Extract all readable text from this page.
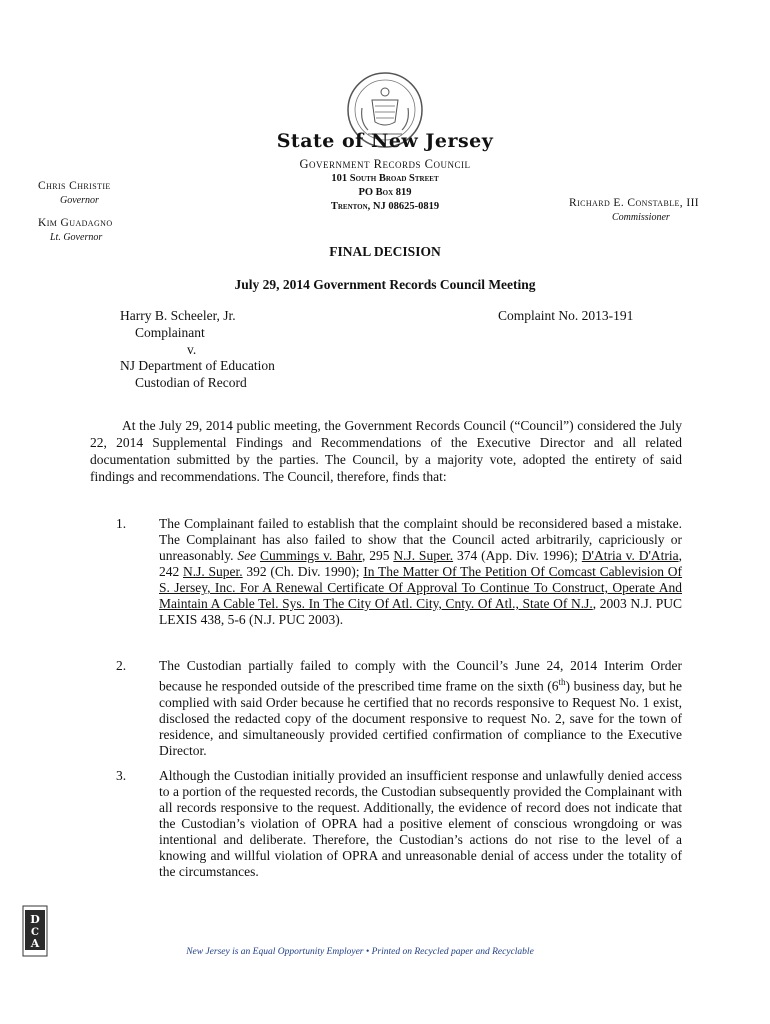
State of New Jersey
Government Records Council
101 South Broad Street
PO Box 819
Trenton, NJ 08625-0819
Chris Christie
Governor
Kim Guadagno
Lt. Governor
Richard E. Constable, III
Commissioner
FINAL DECISION
July 29, 2014 Government Records Council Meeting
Harry B. Scheeler, Jr.
Complainant
v.
NJ Department of Education
Custodian of Record
Complaint No. 2013-191
At the July 29, 2014 public meeting, the Government Records Council (“Council”) considered the July 22, 2014 Supplemental Findings and Recommendations of the Executive Director and all related documentation submitted by the parties. The Council, by a majority vote, adopted the entirety of said findings and recommendations. The Council, therefore, finds that:
1. The Complainant failed to establish that the complaint should be reconsidered based a mistake. The Complainant has also failed to show that the Council acted arbitrarily, capriciously or unreasonably. See Cummings v. Bahr, 295 N.J. Super. 374 (App. Div. 1996); D'Atria v. D'Atria, 242 N.J. Super. 392 (Ch. Div. 1990); In The Matter Of The Petition Of Comcast Cablevision Of S. Jersey, Inc. For A Renewal Certificate Of Approval To Continue To Construct, Operate And Maintain A Cable Tel. Sys. In The City Of Atl. City, Cnty. Of Atl., State Of N.J., 2003 N.J. PUC LEXIS 438, 5-6 (N.J. PUC 2003).
2. The Custodian partially failed to comply with the Council’s June 24, 2014 Interim Order because he responded outside of the prescribed time frame on the sixth (6th) business day, but he complied with said Order because he certified that no records responsive to Request No. 1 exist, disclosed the redacted copy of the document responsive to request No. 2, save for the town of residence, and simultaneously provided certified confirmation of compliance to the Executive Director.
3. Although the Custodian initially provided an insufficient response and unlawfully denied access to a portion of the requested records, the Custodian subsequently provided the Complainant with all records responsive to the request. Additionally, the evidence of record does not indicate that the Custodian’s violation of OPRA had a positive element of conscious wrongdoing or was intentional and deliberate. Therefore, the Custodian’s actions do not rise to the level of a knowing and willful violation of OPRA and unreasonable denial of access under the totality of the circumstances.
D
C
A
New Jersey is an Equal Opportunity Employer • Printed on Recycled paper and Recyclable
